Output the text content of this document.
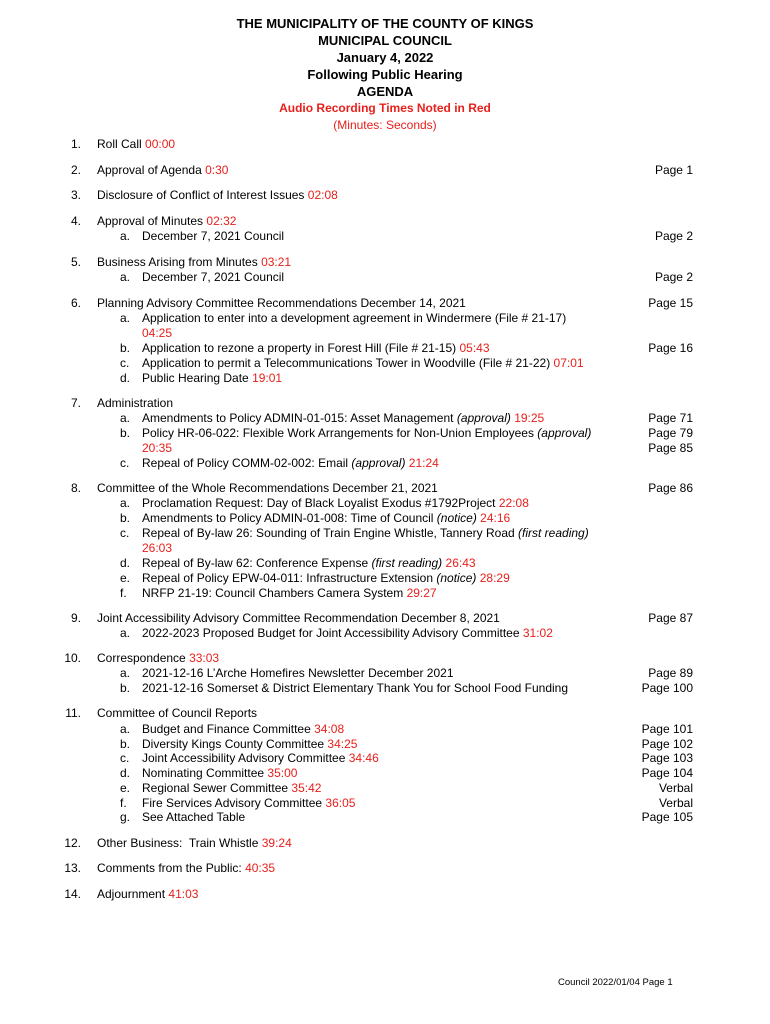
THE MUNICIPALITY OF THE COUNTY OF KINGS
MUNICIPAL COUNCIL
January 4, 2022
Following Public Hearing
AGENDA
Audio Recording Times Noted in Red
(Minutes: Seconds)
1. Roll Call 00:00
2. Approval of Agenda 0:30	Page 1
3. Disclosure of Conflict of Interest Issues 02:08
4. Approval of Minutes 02:32
a. December 7, 2021 Council	Page 2
5. Business Arising from Minutes 03:21
a. December 7, 2021 Council	Page 2
6. Planning Advisory Committee Recommendations December 14, 2021	Page 15
a. Application to enter into a development agreement in Windermere (File # 21-17)
04:25
b. Application to rezone a property in Forest Hill (File # 21-15) 05:43	Page 16
c.	Application to permit a Telecommunications Tower in Woodville (File # 21-22) 07:01
d. Public Hearing Date 19:01
7. Administration
a. Amendments to Policy ADMIN-01-015: Asset Management (approval) 19:25	Page 71
b. Policy HR-06-022: Flexible Work Arrangements for Non-Union Employees (approval)	Page 79
20:35	Page 85
c.	Repeal of Policy COMM-02-002: Email (approval) 21:24
8. Committee of the Whole Recommendations December 21, 2021	Page 86
a. Proclamation Request: Day of Black Loyalist Exodus #1792Project 22:08
b. Amendments to Policy ADMIN-01-008: Time of Council (notice) 24:16
c.	Repeal of By-law 26: Sounding of Train Engine Whistle, Tannery Road (first reading)
26:03
d. Repeal of By-law 62: Conference Expense (first reading) 26:43
e. Repeal of Policy EPW-04-011: Infrastructure Extension (notice) 28:29
f.	NRFP 21-19: Council Chambers Camera System 29:27
9. Joint Accessibility Advisory Committee Recommendation December 8, 2021	Page 87
a. 2022-2023 Proposed Budget for Joint Accessibility Advisory Committee 31:02
10. Correspondence 33:03
a. 2021-12-16 L’Arche Homefires Newsletter December 2021	Page 89
b. 2021-12-16 Somerset & District Elementary Thank You for School Food Funding	Page 100
11. Committee of Council Reports
a. Budget and Finance Committee 34:08	Page 101
b. Diversity Kings County Committee 34:25	Page 102
c.	Joint Accessibility Advisory Committee 34:46	Page 103
d. Nominating Committee 35:00	Page 104
e. Regional Sewer Committee 35:42	Verbal
f.	Fire Services Advisory Committee 36:05	Verbal
g. See Attached Table	Page 105
12. Other Business:  Train Whistle 39:24
13. Comments from the Public: 40:35
14. Adjournment 41:03
Council 2022/01/04 Page 1
